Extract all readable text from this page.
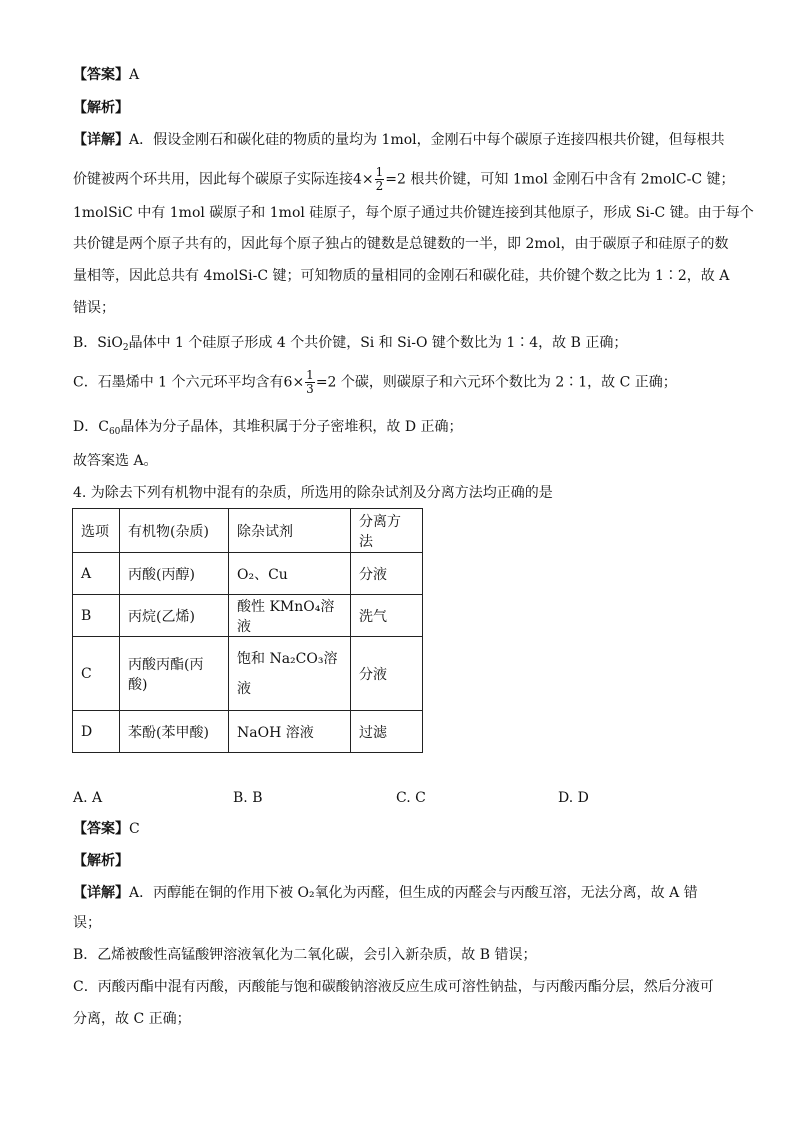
【答案】A
【解析】
【详解】A．假设金刚石和碳化硅的物质的量均为 1mol，金刚石中每个碳原子连接四根共价键，但每根共
价键被两个环共用，因此每个碳原子实际连接$4\times \frac{1}{2} =2$ 根共价键，可知 1mol 金刚石中含有 2molC-C 键；
1molSiC 中有 1mol 碳原子和 1mol 硅原子，每个原子通过共价键连接到其他原子，形成 Si-C 键。由于每个
共价键是两个原子共有的，因此每个原子独占的键数是总键数的一半，即 2mol，由于碳原子和硅原子的数
量相等，因此总共有 4molSi-C 键；可知物质的量相同的金刚石和碳化硅，共价键个数之比为 1∶2，故 A
错误；
B．SiO$_2$晶体中 1 个硅原子形成 4 个共价键，Si 和 Si-O 键个数比为 1∶4，故 B 正确；
C．石墨烯中 1 个六元环平均含有$6\times \frac{1}{3} =2$ 个碳，则碳原子和六元环个数比为 2∶1，故 C 正确；
D．$C_{60}$晶体为分子晶体，其堆积属于分子密堆积，故 D 正确；
故答案选 A。
4. 为除去下列有机物中混有的杂质，所选用的除杂试剂及分离方法均正确的是
选项	有机物(杂质)	除杂试剂	分离方法
A	丙酸(丙醇)	O₂、Cu	分液
B	丙烷(乙烯)	酸性 KMnO₄溶液	洗气
C	丙酸丙酯(丙酸)	饱和 Na₂CO₃溶液	分液
D	苯酚(苯甲酸)	NaOH 溶液	过滤
A. A	B. B	C. C	D. D
【答案】C
【解析】
【详解】A．丙醇能在铜的作用下被 O₂氧化为丙醛，但生成的丙醛会与丙酸互溶，无法分离，故 A 错
误；
B．乙烯被酸性高锰酸钾溶液氧化为二氧化碳，会引入新杂质，故 B 错误；
C．丙酸丙酯中混有丙酸，丙酸能与饱和碳酸钠溶液反应生成可溶性钠盐，与丙酸丙酯分层，然后分液可
分离，故 C 正确；
